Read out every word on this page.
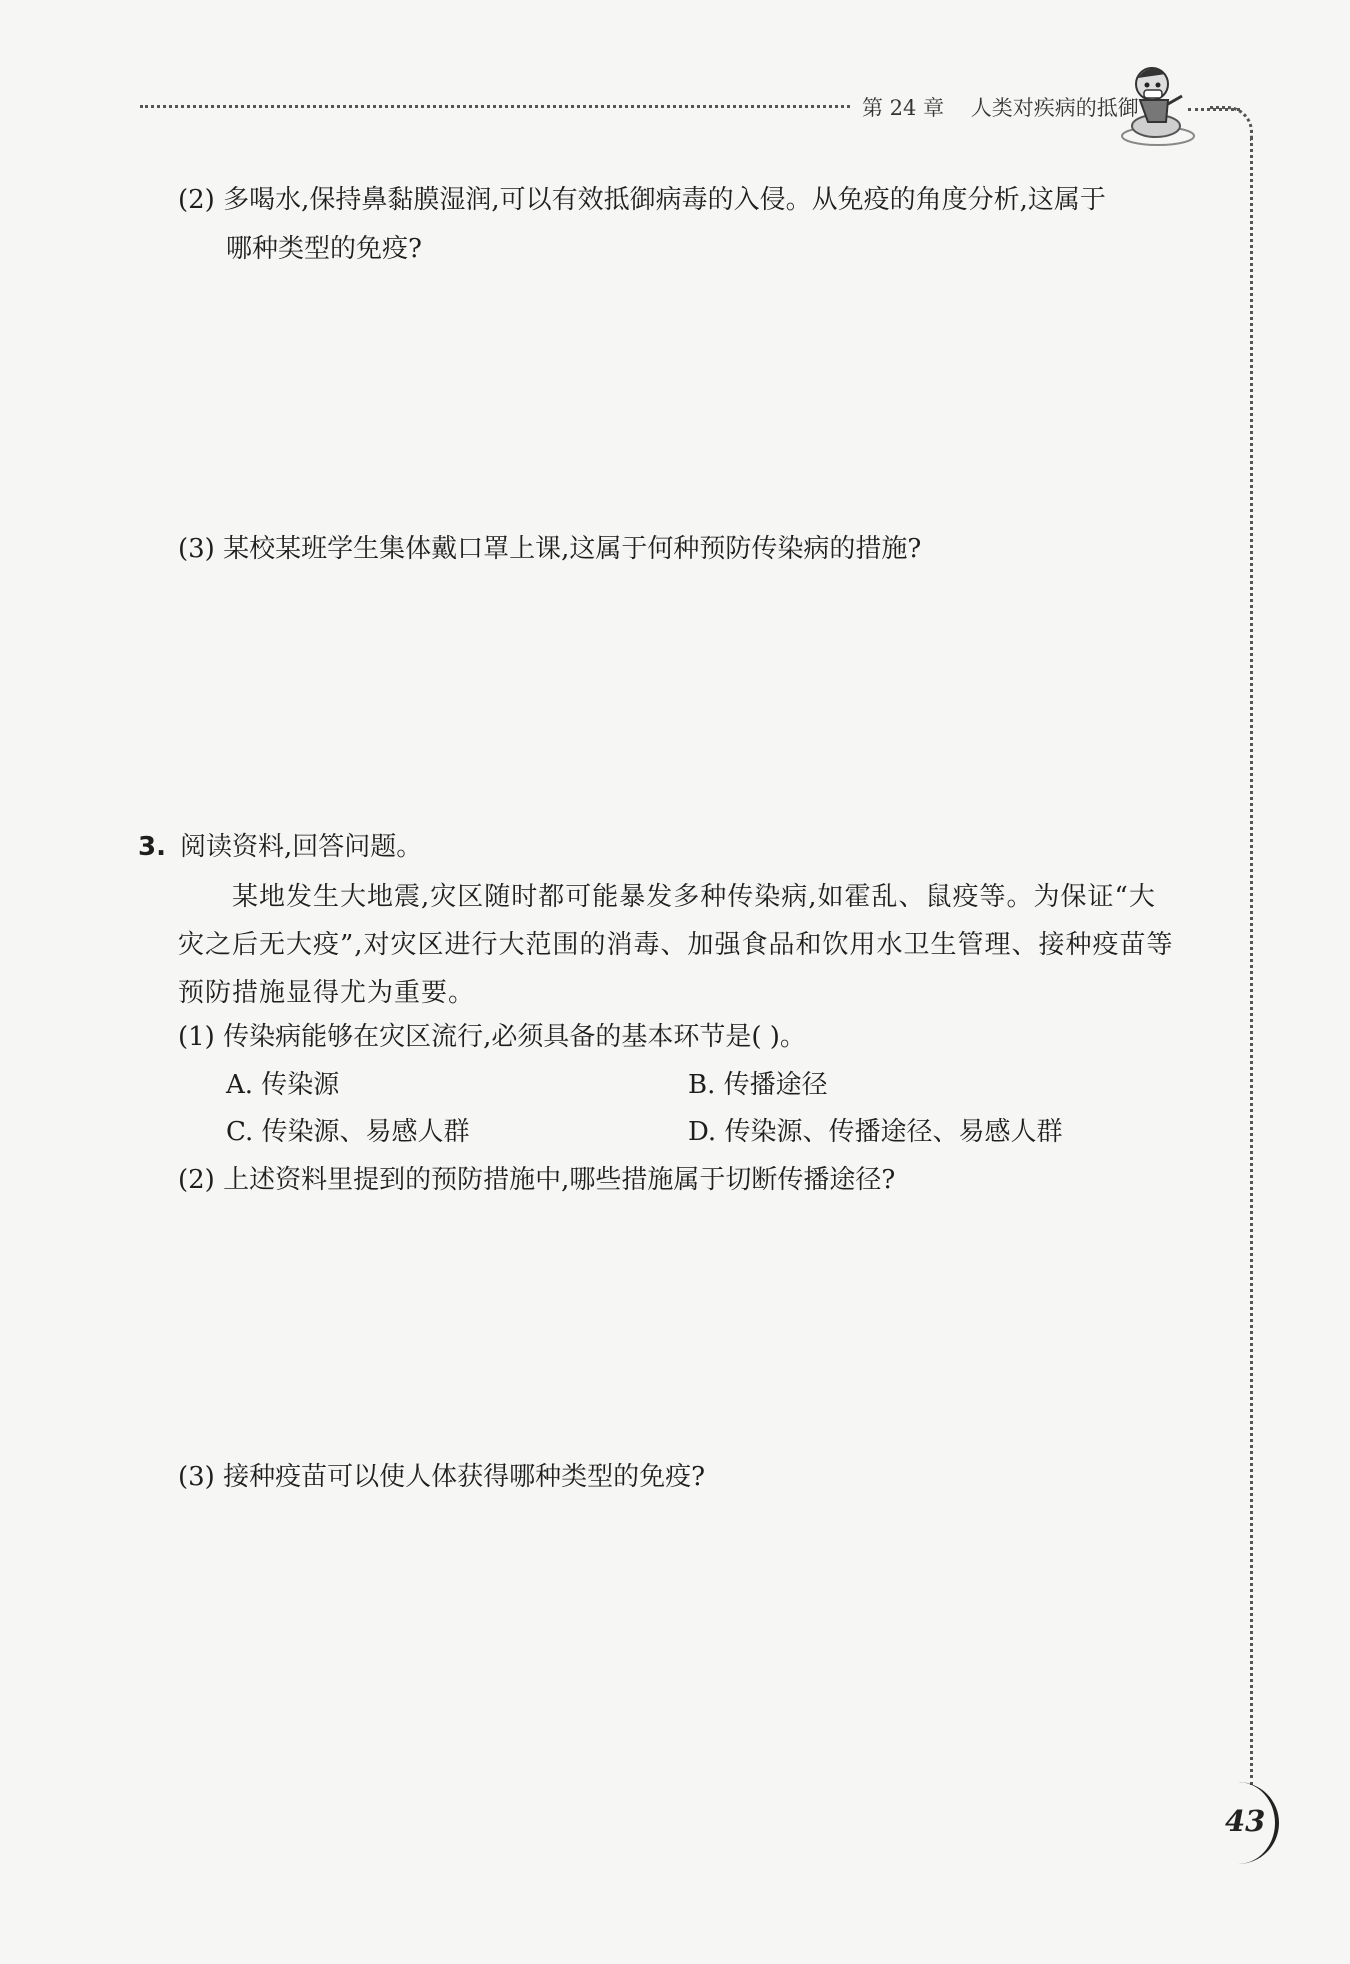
第 24 章 人类对疾病的抵御
(2) 多喝水,保持鼻黏膜湿润,可以有效抵御病毒的入侵。从免疫的角度分析,这属于
哪种类型的免疫?
(3) 某校某班学生集体戴口罩上课,这属于何种预防传染病的措施?
3. 阅读资料,回答问题。
某地发生大地震,灾区随时都可能暴发多种传染病,如霍乱、鼠疫等。为保证“大
灾之后无大疫”,对灾区进行大范围的消毒、加强食品和饮用水卫生管理、接种疫苗等
预防措施显得尤为重要。
(1) 传染病能够在灾区流行,必须具备的基本环节是( )。
A. 传染源	B. 传播途径
C. 传染源、易感人群	D. 传染源、传播途径、易感人群
(2) 上述资料里提到的预防措施中,哪些措施属于切断传播途径?
(3) 接种疫苗可以使人体获得哪种类型的免疫?
43
